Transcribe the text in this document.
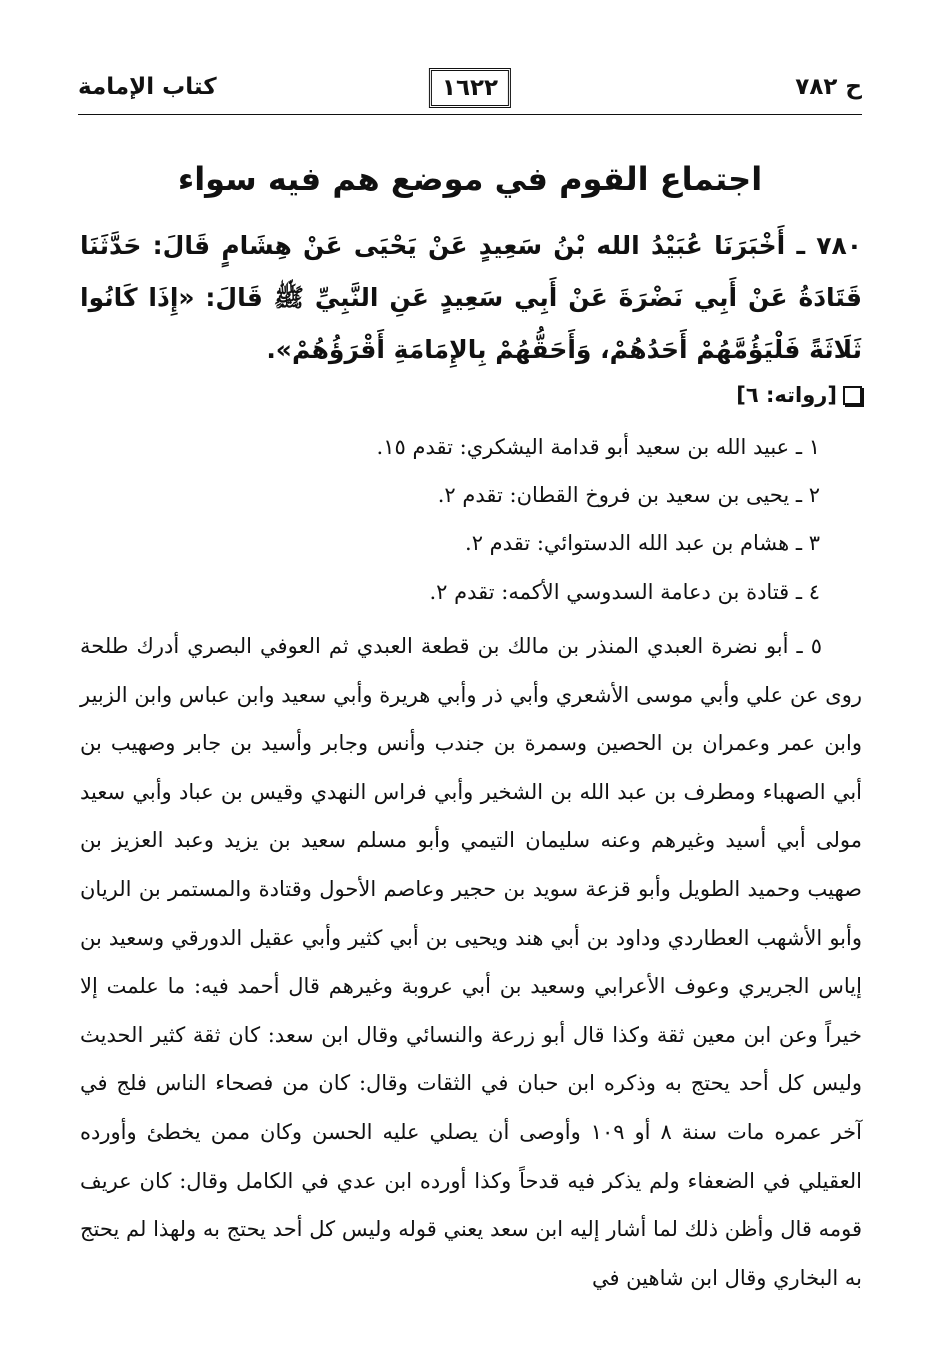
ح ٧٨٢
١٦٢٢
كتاب الإمامة
اجتماع القوم في موضع هم فيه سواء
٧٨٠ ـ أَخْبَرَنَا عُبَيْدُ الله بْنُ سَعِيدٍ عَنْ يَحْيَى عَنْ هِشَامٍ قَالَ: حَدَّثَنَا قَتَادَةُ عَنْ أَبِي نَضْرَةَ عَنْ أَبِي سَعِيدٍ عَنِ النَّبِيِّ ﷺ قَالَ: «إِذَا كَانُوا ثَلَاثَةً فَلْيَؤُمَّهُمْ أَحَدُهُمْ، وَأَحَقُّهُمْ بِالإِمَامَةِ أَقْرَؤُهُمْ».
[رواته: ٦]
١ ـ عبيد الله بن سعيد أبو قدامة اليشكري: تقدم ١٥.
٢ ـ يحيى بن سعيد بن فروخ القطان: تقدم ٢.
٣ ـ هشام بن عبد الله الدستوائي: تقدم ٢.
٤ ـ قتادة بن دعامة السدوسي الأكمه: تقدم ٢.
٥ ـ أبو نضرة العبدي المنذر بن مالك بن قطعة العبدي ثم العوفي البصري أدرك طلحة روى عن علي وأبي موسى الأشعري وأبي ذر وأبي هريرة وأبي سعيد وابن عباس وابن الزبير وابن عمر وعمران بن الحصين وسمرة بن جندب وأنس وجابر وأسيد بن جابر وصهيب بن أبي الصهباء ومطرف بن عبد الله بن الشخير وأبي فراس النهدي وقيس بن عباد وأبي سعيد مولى أبي أسيد وغيرهم وعنه سليمان التيمي وأبو مسلم سعيد بن يزيد وعبد العزيز بن صهيب وحميد الطويل وأبو قزعة سويد بن حجير وعاصم الأحول وقتادة والمستمر بن الريان وأبو الأشهب العطاردي وداود بن أبي هند ويحيى بن أبي كثير وأبي عقيل الدورقي وسعيد بن إياس الجريري وعوف الأعرابي وسعيد بن أبي عروبة وغيرهم قال أحمد فيه: ما علمت إلا خيراً وعن ابن معين ثقة وكذا قال أبو زرعة والنسائي وقال ابن سعد: كان ثقة كثير الحديث وليس كل أحد يحتج به وذكره ابن حبان في الثقات وقال: كان من فصحاء الناس فلج في آخر عمره مات سنة ٨ أو ١٠٩ وأوصى أن يصلي عليه الحسن وكان ممن يخطئ وأورده العقيلي في الضعفاء ولم يذكر فيه قدحاً وكذا أورده ابن عدي في الكامل وقال: كان عريف قومه قال وأظن ذلك لما أشار إليه ابن سعد يعني قوله وليس كل أحد يحتج به ولهذا لم يحتج به البخاري وقال ابن شاهين في
